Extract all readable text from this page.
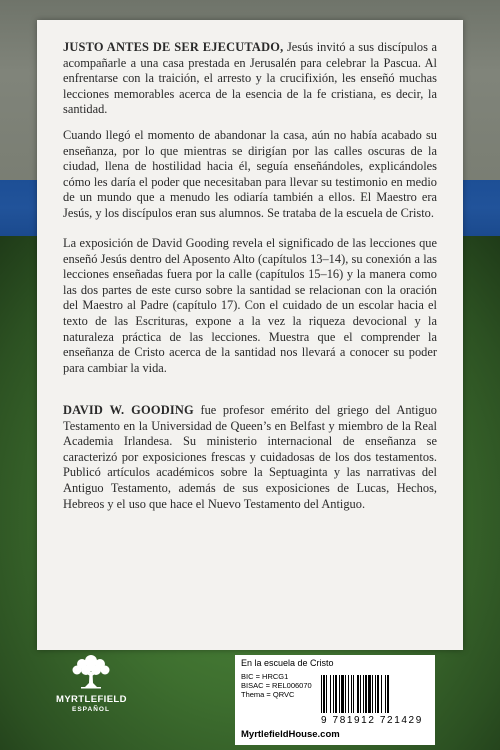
JUSTO ANTES DE SER EJECUTADO, Jesús invitó a sus discípulos a acompañarle a una casa prestada en Jerusalén para celebrar la Pascua. Al enfrentarse con la traición, el arresto y la crucifixión, les enseñó muchas lecciones memorables acerca de la esencia de la fe cristiana, es decir, la santidad.

Cuando llegó el momento de abandonar la casa, aún no había acabado su enseñanza, por lo que mientras se dirigían por las calles oscuras de la ciudad, llena de hostilidad hacia él, seguía enseñándoles, explicándoles cómo les daría el poder que necesitaban para llevar su testimonio en medio de un mundo que a menudo les odiaría también a ellos. El Maestro era Jesús, y los discípulos eran sus alumnos. Se trataba de la escuela de Cristo.

La exposición de David Gooding revela el significado de las lecciones que enseñó Jesús dentro del Aposento Alto (capítulos 13–14), su conexión a las lecciones enseñadas fuera por la calle (capítulos 15–16) y la manera como las dos partes de este curso sobre la santidad se relacionan con la oración del Maestro al Padre (capítulo 17). Con el cuidado de un escolar hacia el texto de las Escrituras, expone a la vez la riqueza devocional y la naturaleza práctica de las lecciones. Muestra que el comprender la enseñanza de Cristo acerca de la santidad nos llevará a conocer su poder para cambiar la vida.

DAVID W. GOODING fue profesor emérito del griego del Antiguo Testamento en la Universidad de Queen’s en Belfast y miembro de la Real Academia Irlandesa. Su ministerio internacional de enseñanza se caracterizó por exposiciones frescas y cuidadosas de los dos testamentos. Publicó artículos académicos sobre la Septuaginta y las narrativas del Antiguo Testamento, además de sus exposiciones de Lucas, Hechos, Hebreos y el uso que hace el Nuevo Testamento del Antiguo.

MYRTLEFIELD
ESPAÑOL
En la escuela de Cristo
BIC = HRCG1
BISAC = REL006070
Thema = QRVC
9 781912 721429
MyrtlefieldHouse.com
